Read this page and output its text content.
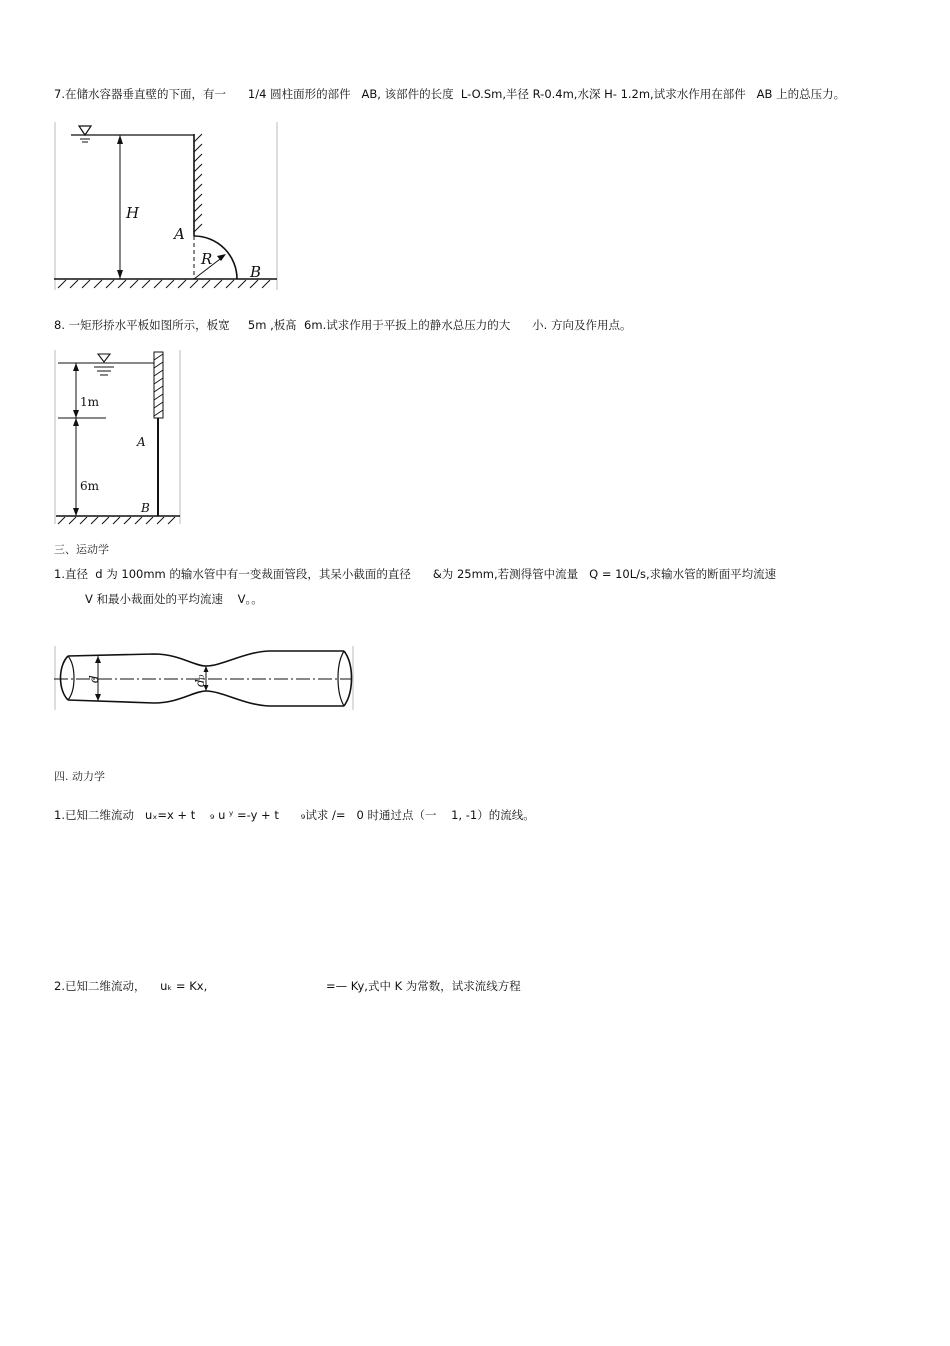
7.在储水容器垂直壁的下面，有一      1/4 圆柱面形的部件   AB, 该部件的长度  L-O.Sm,半径 R-0.4m,水深 H- 1.2m,试求水作用在部件   AB 上的总压力。
H
A
R
B
8. 一矩形挢水平板如图所示，板宽     5m ,板髙  6m.试求作用于平扳上的静水总压力的大      小. 方向及作用点。
1m
6m
A
B
三、运动学
1.直径  d 为 100mm 的输水管中有一变裁面管段，其呆小截面的直径      &为 25mm,若测得管中流量   Q = 10L/s,求输水管的断面平均流速
V 和最小裁面处的平均流速    V。。
d	d₀
四. 动力学
1.已知二维流动   uₓ=x + t    ₉ u ʸ =-y + t      ₉试求 /=   0 时通过点（一    1, -1）的流线。
2.已知二维流动，    uₖ = Kx,	=— Ky,式中 K 为常数，试求流线方程
